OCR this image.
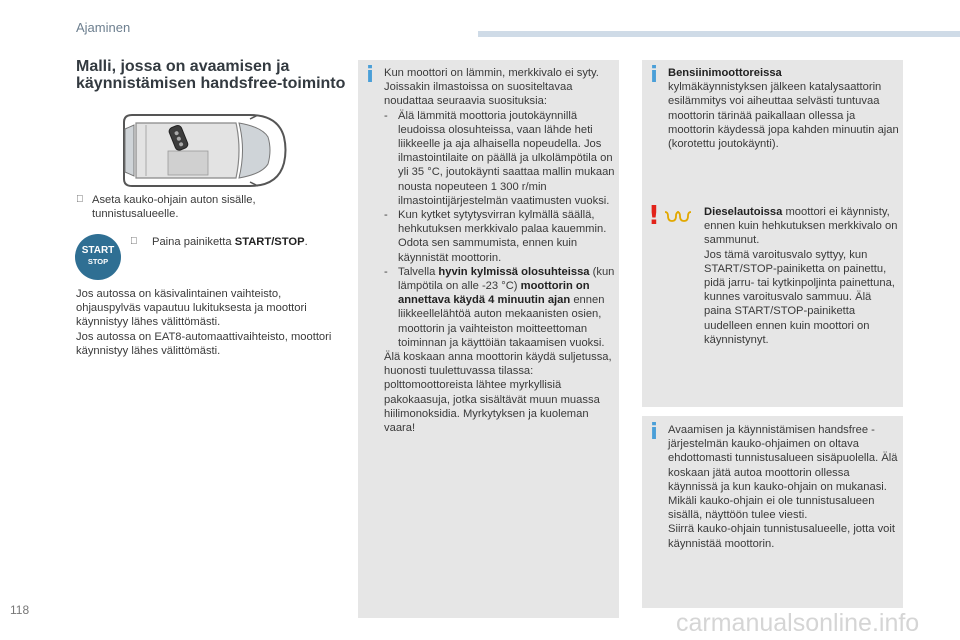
Ajaminen
Malli, jossa on avaamisen ja käynnistämisen handsfree-toiminto
Aseta kauko-ohjain auton sisälle, tunnistusalueelle.
START
STOP
Paina painiketta START/STOP.
Jos autossa on käsivalintainen vaihteisto, ohjauspylväs vapautuu lukituksesta ja moottori käynnistyy lähes välittömästi.
Jos autossa on EAT8-automaattivaihteisto, moottori käynnistyy lähes välittömästi.
i Kun moottori on lämmin, merkkivalo ei syty. Joissakin ilmastoissa on suositeltavaa noudattaa seuraavia suosituksia:
- Älä lämmitä moottoria joutokäynnillä leudoissa olosuhteissa, vaan lähde heti liikkeelle ja aja alhaisella nopeudella. Jos ilmastointilaite on päällä ja ulkolämpötila on yli 35 °C, joutokäynti saattaa mallin mukaan nousta nopeuteen 1 300 r/min ilmastointijärjestelmän vaatimusten vuoksi.
- Kun kytket sytytysvirran kylmällä säällä, hehkutuksen merkkivalo palaa kauemmin. Odota sen sammumista, ennen kuin käynnistät moottorin.
- Talvella hyvin kylmissä olosuhteissa (kun lämpötila on alle -23 °C) moottorin on annettava käydä 4 minuutin ajan ennen liikkeellelähtöä auton mekaanisten osien, moottorin ja vaihteiston moitteettoman toiminnan ja käyttöiän takaamisen vuoksi.
Älä koskaan anna moottorin käydä suljetussa, huonosti tuulettuvassa tilassa: polttomoottoreista lähtee myrkyllisiä pakokaasuja, jotka sisältävät muun muassa hiilimonoksidia. Myrkytyksen ja kuoleman vaara!
i Bensiinimoottoreissa
kylmäkäynnistyksen jälkeen katalysaattorin esilämmitys voi aiheuttaa selvästi tuntuvaa moottorin tärinää paikallaan ollessa ja moottorin käydessä jopa kahden minuutin ajan (korotettu joutokäynti).
!	Dieselautoissa moottori ei käynnisty, ennen kuin hehkutuksen merkkivalo on sammunut.
Jos tämä varoitusvalo syttyy, kun START/STOP-painiketta on painettu, pidä jarru- tai kytkinpoljinta painettuna, kunnes varoitusvalo sammuu. Älä paina START/STOP-painiketta uudelleen ennen kuin moottori on käynnistynyt.
i Avaamisen ja käynnistämisen handsfree -järjestelmän kauko-ohjaimen on oltava ehdottomasti tunnistusalueen sisäpuolella. Älä koskaan jätä autoa moottorin ollessa käynnissä ja kun kauko-ohjain on mukanasi.
Mikäli kauko-ohjain ei ole tunnistusalueen sisällä, näyttöön tulee viesti.
Siirrä kauko-ohjain tunnistusalueelle, jotta voit käynnistää moottorin.
118	carmanualsonline.info
